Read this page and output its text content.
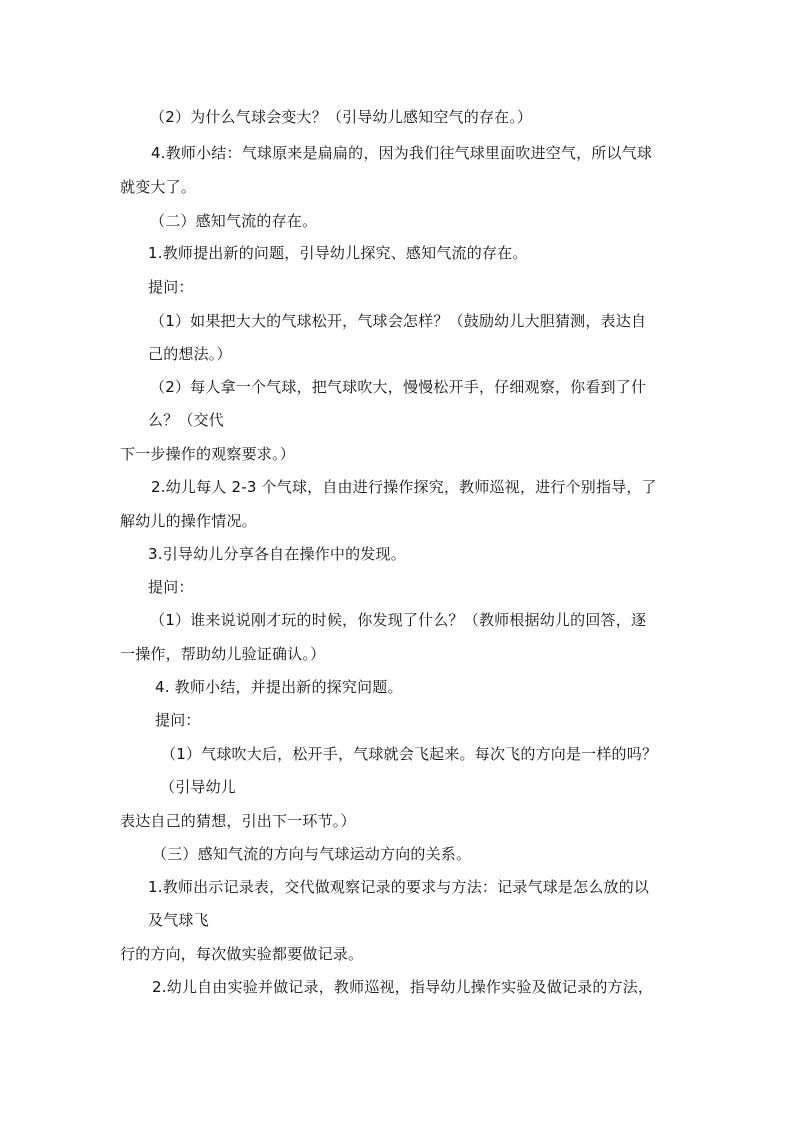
（2）为什么气球会变大？（引导幼儿感知空气的存在。）
4.教师小结：气球原来是扁扁的，因为我们往气球里面吹进空气，所以气球
就变大了。
（二）感知气流的存在。
1.教师提出新的问题，引导幼儿探究、感知气流的存在。
提问：
（1）如果把大大的气球松开，气球会怎样？（鼓励幼儿大胆猜测，表达自
己的想法。）
（2）每人拿一个气球，把气球吹大，慢慢松开手，仔细观察，你看到了什
么？（交代
下一步操作的观察要求。）
2.幼儿每人 2-3 个气球，自由进行操作探究，教师巡视，进行个别指导，了
解幼儿的操作情况。
3.引导幼儿分享各自在操作中的发现。
提问：
（1）谁来说说刚才玩的时候，你发现了什么？（教师根据幼儿的回答，逐
一操作，帮助幼儿验证确认。）
4. 教师小结，并提出新的探究问题。
提问：
（1）气球吹大后，松开手，气球就会飞起来。每次飞的方向是一样的吗？
（引导幼儿
表达自己的猜想，引出下一环节。）
（三）感知气流的方向与气球运动方向的关系。
1.教师出示记录表，交代做观察记录的要求与方法：记录气球是怎么放的以
及气球飞
行的方向，每次做实验都要做记录。
2.幼儿自由实验并做记录，教师巡视，指导幼儿操作实验及做记录的方法，
